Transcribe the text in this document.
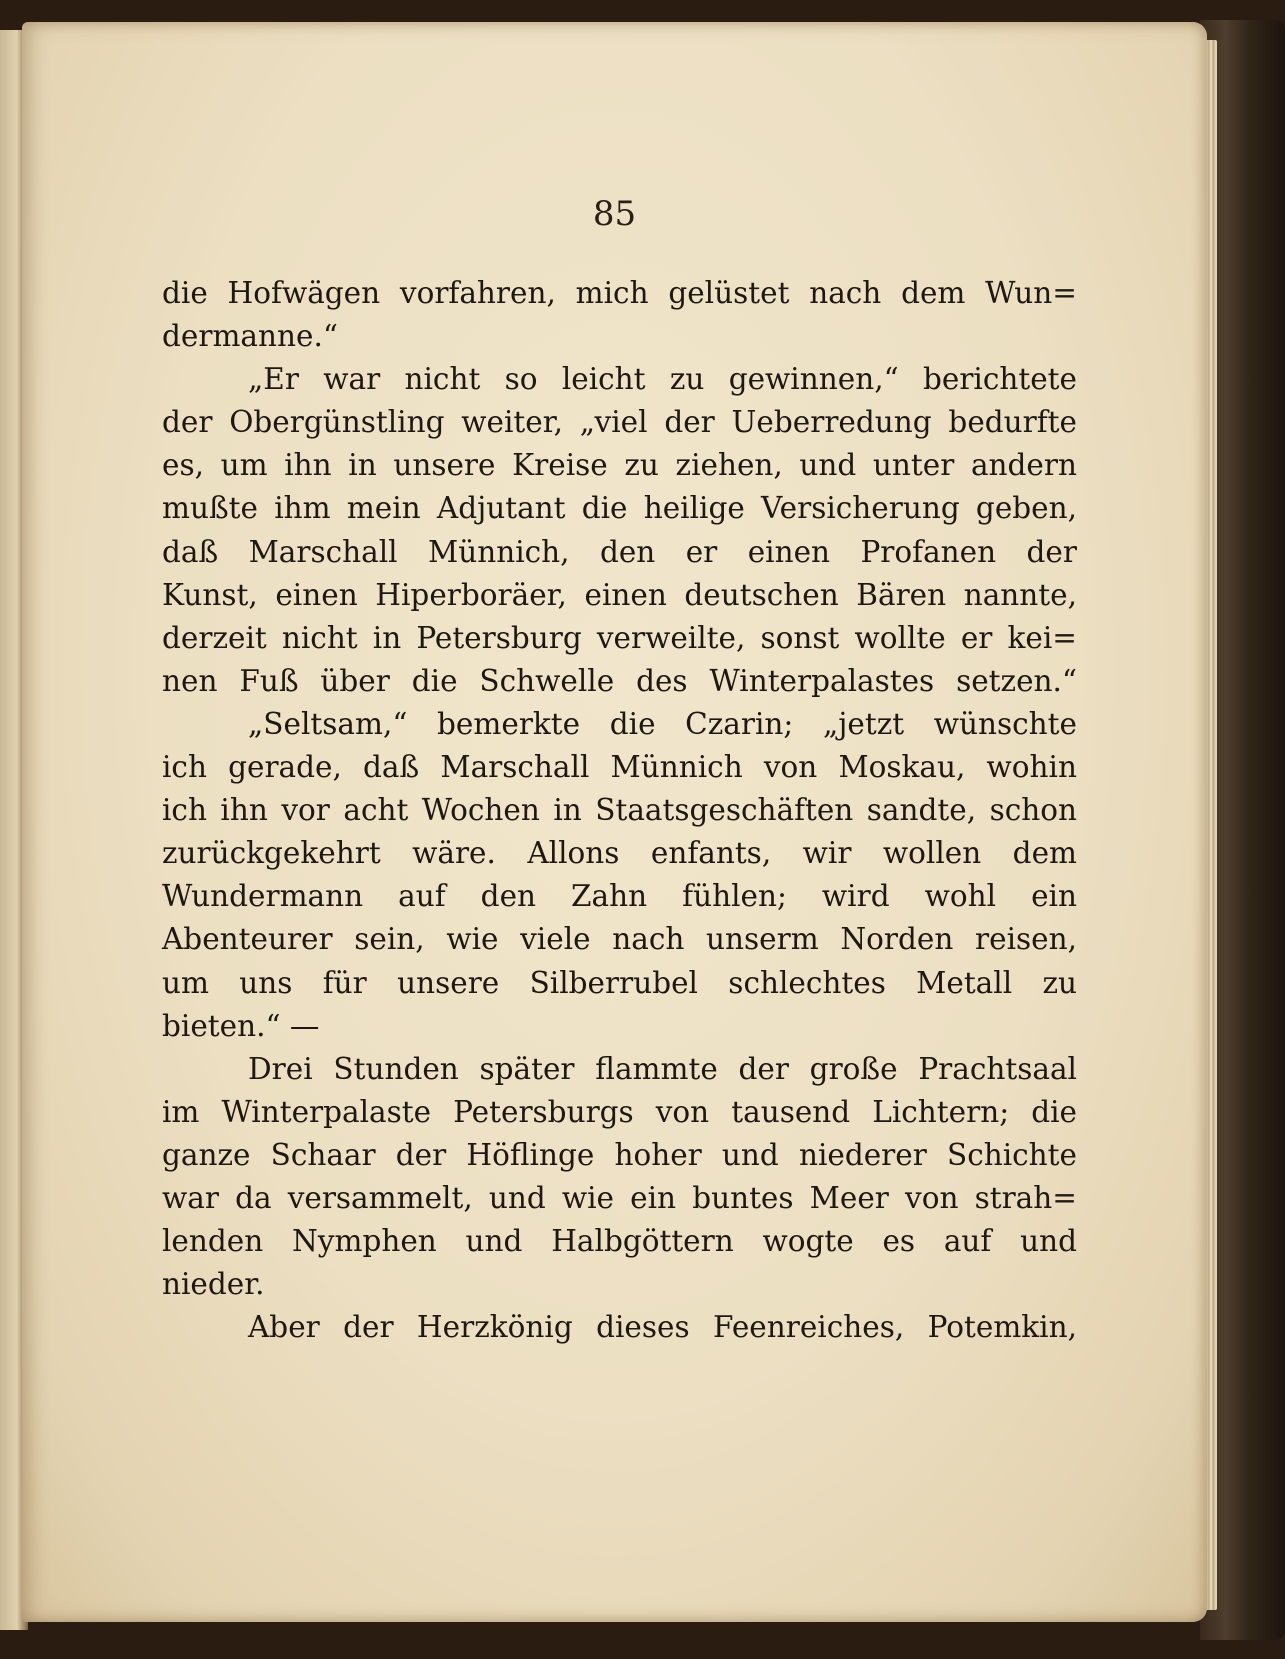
85
die Hofwägen vorfahren, mich gelüstet nach dem Wun=
dermanne.“
„Er war nicht so leicht zu gewinnen,“ berichtete
der Obergünstling weiter, „viel der Ueberredung bedurfte
es, um ihn in unsere Kreise zu ziehen, und unter andern
mußte ihm mein Adjutant die heilige Versicherung geben,
daß Marschall Münnich, den er einen Profanen der
Kunst, einen Hiperboräer, einen deutschen Bären nannte,
derzeit nicht in Petersburg verweilte, sonst wollte er kei=
nen Fuß über die Schwelle des Winterpalastes setzen.“
„Seltsam,“ bemerkte die Czarin; „jetzt wünschte
ich gerade, daß Marschall Münnich von Moskau, wohin
ich ihn vor acht Wochen in Staatsgeschäften sandte, schon
zurückgekehrt wäre. Allons enfants, wir wollen dem
Wundermann auf den Zahn fühlen; wird wohl ein
Abenteurer sein, wie viele nach unserm Norden reisen,
um uns für unsere Silberrubel schlechtes Metall zu
bieten.“ —
Drei Stunden später flammte der große Prachtsaal
im Winterpalaste Petersburgs von tausend Lichtern; die
ganze Schaar der Höflinge hoher und niederer Schichte
war da versammelt, und wie ein buntes Meer von strah=
lenden Nymphen und Halbgöttern wogte es auf und
nieder.
Aber der Herzkönig dieses Feenreiches, Potemkin,
